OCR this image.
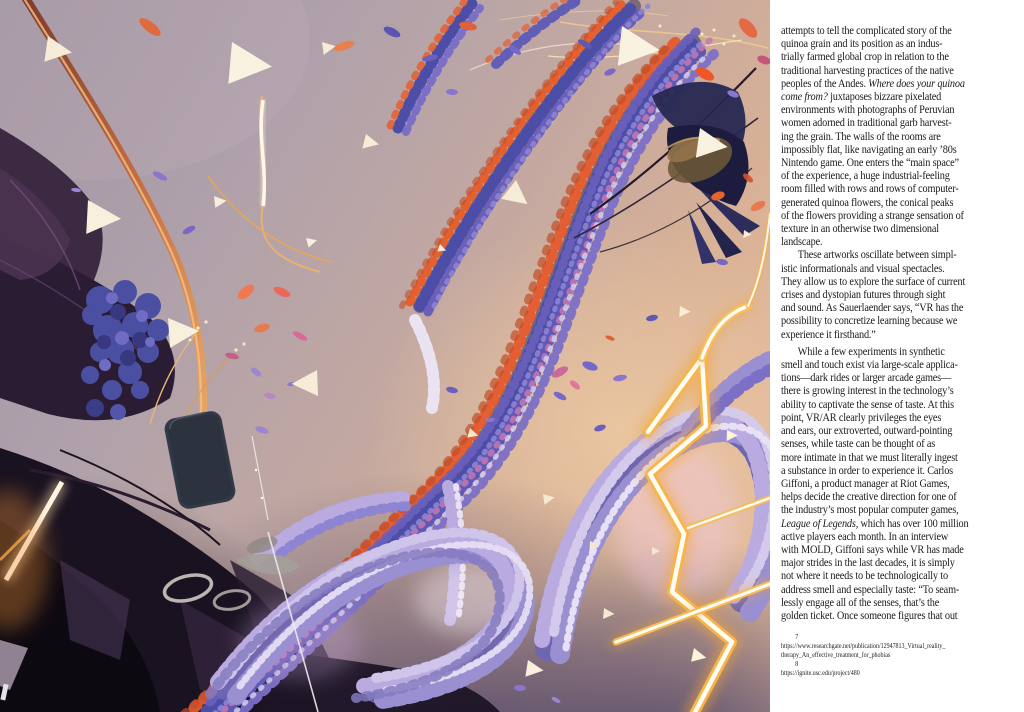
attempts to tell the complicated story of the
quinoa grain and its position as an indus-
trially farmed global crop in relation to the
traditional harvesting practices of the native
peoples of the Andes. Where does your quinoa
come from? juxtaposes bizzare pixelated
environments with photographs of Peruvian
women adorned in traditional garb harvest-
ing the grain. The walls of the rooms are
impossibly flat, like navigating an early ’80s
Nintendo game. One enters the “main space”
of the experience, a huge industrial-feeling
room filled with rows and rows of computer-
generated quinoa flowers, the conical peaks
of the flowers providing a strange sensation of
texture in an otherwise two dimensional
landscape.
These artworks oscillate between simpl-
istic informationals and visual spectacles.
They allow us to explore the surface of current
crises and dystopian futures through sight
and sound. As Sauerlaender says, “VR has the
possibility to concretize learning because we
experience it firsthand.”
While a few experiments in synthetic
smell and touch exist via large-scale applica-
tions—dark rides or larger arcade games—
there is growing interest in the technology’s
ability to captivate the sense of taste. At this
point, VR/AR clearly privileges the eyes
and ears, our extroverted, outward-pointing
senses, while taste can be thought of as
more intimate in that we must literally ingest
a substance in order to experience it. Carlos
Giffoni, a product manager at Riot Games,
helps decide the creative direction for one of
the industry’s most popular computer games,
League of Legends, which has over 100 million
active players each month. In an interview
with MOLD, Giffoni says while VR has made
major strides in the last decades, it is simply
not where it needs to be technologically to
address smell and especially taste: “To seam-
lessly engage all of the senses, that’s the
golden ticket. Once someone figures that out
7
https://www.researchgate.net/publication/12947813_Virtual_reality_
therapy_An_effective_treatment_for_phobias
8
https://ignite.usc.edu/project/480
